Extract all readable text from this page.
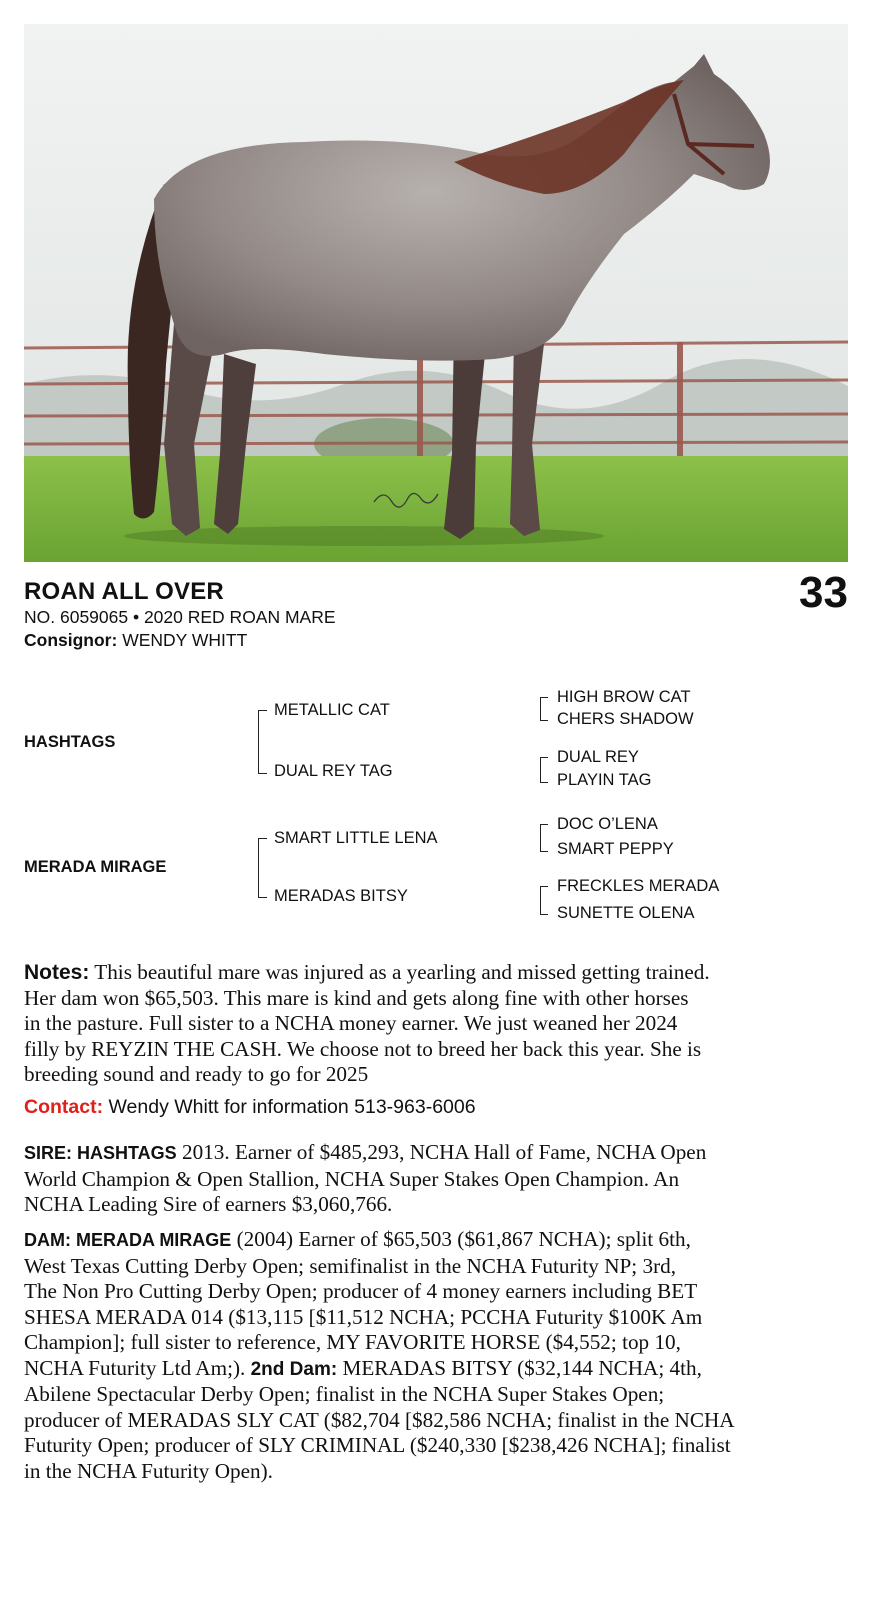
ROAN ALL OVER	33
NO. 6059065 • 2020 RED ROAN MARE
Consignor: WENDY WHITT
HASHTAGS
MERADA MIRAGE
METALLIC CAT
DUAL REY TAG
SMART LITTLE LENA
MERADAS BITSY
HIGH BROW CAT
CHERS SHADOW
DUAL REY
PLAYIN TAG
DOC O’LENA
SMART PEPPY
FRECKLES MERADA
SUNETTE OLENA
Notes: This beautiful mare was injured as a yearling and missed getting trained.
Her dam won $65,503. This mare is kind and gets along fine with other horses
in the pasture. Full sister to a NCHA money earner. We just weaned her 2024
filly by REYZIN THE CASH. We choose not to breed her back this year. She is
breeding sound and ready to go for 2025
Contact: Wendy Whitt for information 513-963-6006
SIRE: HASHTAGS 2013. Earner of $485,293, NCHA Hall of Fame, NCHA Open
World Champion & Open Stallion, NCHA Super Stakes Open Champion. An
NCHA Leading Sire of earners $3,060,766.
DAM: MERADA MIRAGE (2004) Earner of $65,503 ($61,867 NCHA); split 6th,
West Texas Cutting Derby Open; semifinalist in the NCHA Futurity NP; 3rd,
The Non Pro Cutting Derby Open; producer of 4 money earners including BET
SHESA MERADA 014 ($13,115 [$11,512 NCHA; PCCHA Futurity $100K Am
Champion]; full sister to reference, MY FAVORITE HORSE ($4,552; top 10,
NCHA Futurity Ltd Am;). 2nd Dam: MERADAS BITSY ($32,144 NCHA; 4th,
Abilene Spectacular Derby Open; finalist in the NCHA Super Stakes Open;
producer of MERADAS SLY CAT ($82,704 [$82,586 NCHA; finalist in the NCHA
Futurity Open; producer of SLY CRIMINAL ($240,330 [$238,426 NCHA]; finalist
in the NCHA Futurity Open).
